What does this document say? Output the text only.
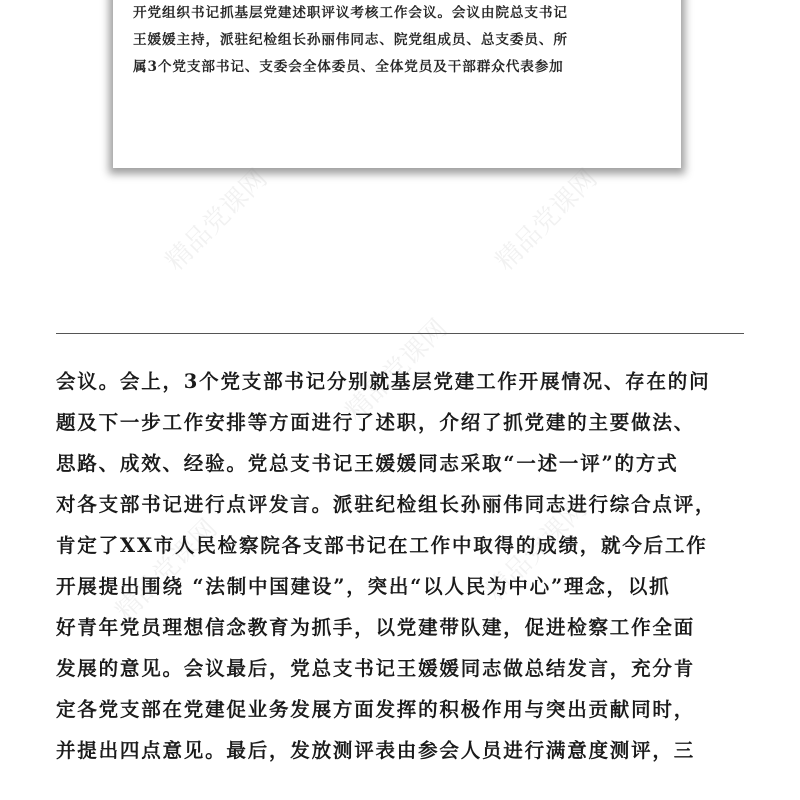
开党组织书记抓基层党建述职评议考核工作会议。会议由院总支书记
王媛媛主持，派驻纪检组长孙丽伟同志、院党组成员、总支委员、所
属3个党支部书记、支委会全体委员、全体党员及干部群众代表参加
精品党课网	精品党课网
精品党课网
精品党课网	精品党课网
会议。会上，3个党支部书记分别就基层党建工作开展情况、存在的问
题及下一步工作安排等方面进行了述职，介绍了抓党建的主要做法、
思路、成效、经验。党总支书记王媛媛同志采取“一述一评”的方式
对各支部书记进行点评发言。派驻纪检组长孙丽伟同志进行综合点评，
肯定了XX市人民检察院各支部书记在工作中取得的成绩，就今后工作
开展提出围绕 “法制中国建设”，突出“以人民为中心”理念，以抓
好青年党员理想信念教育为抓手，以党建带队建，促进检察工作全面
发展的意见。会议最后，党总支书记王媛媛同志做总结发言，充分肯
定各党支部在党建促业务发展方面发挥的积极作用与突出贡献同时，
并提出四点意见。最后，发放测评表由参会人员进行满意度测评，三
